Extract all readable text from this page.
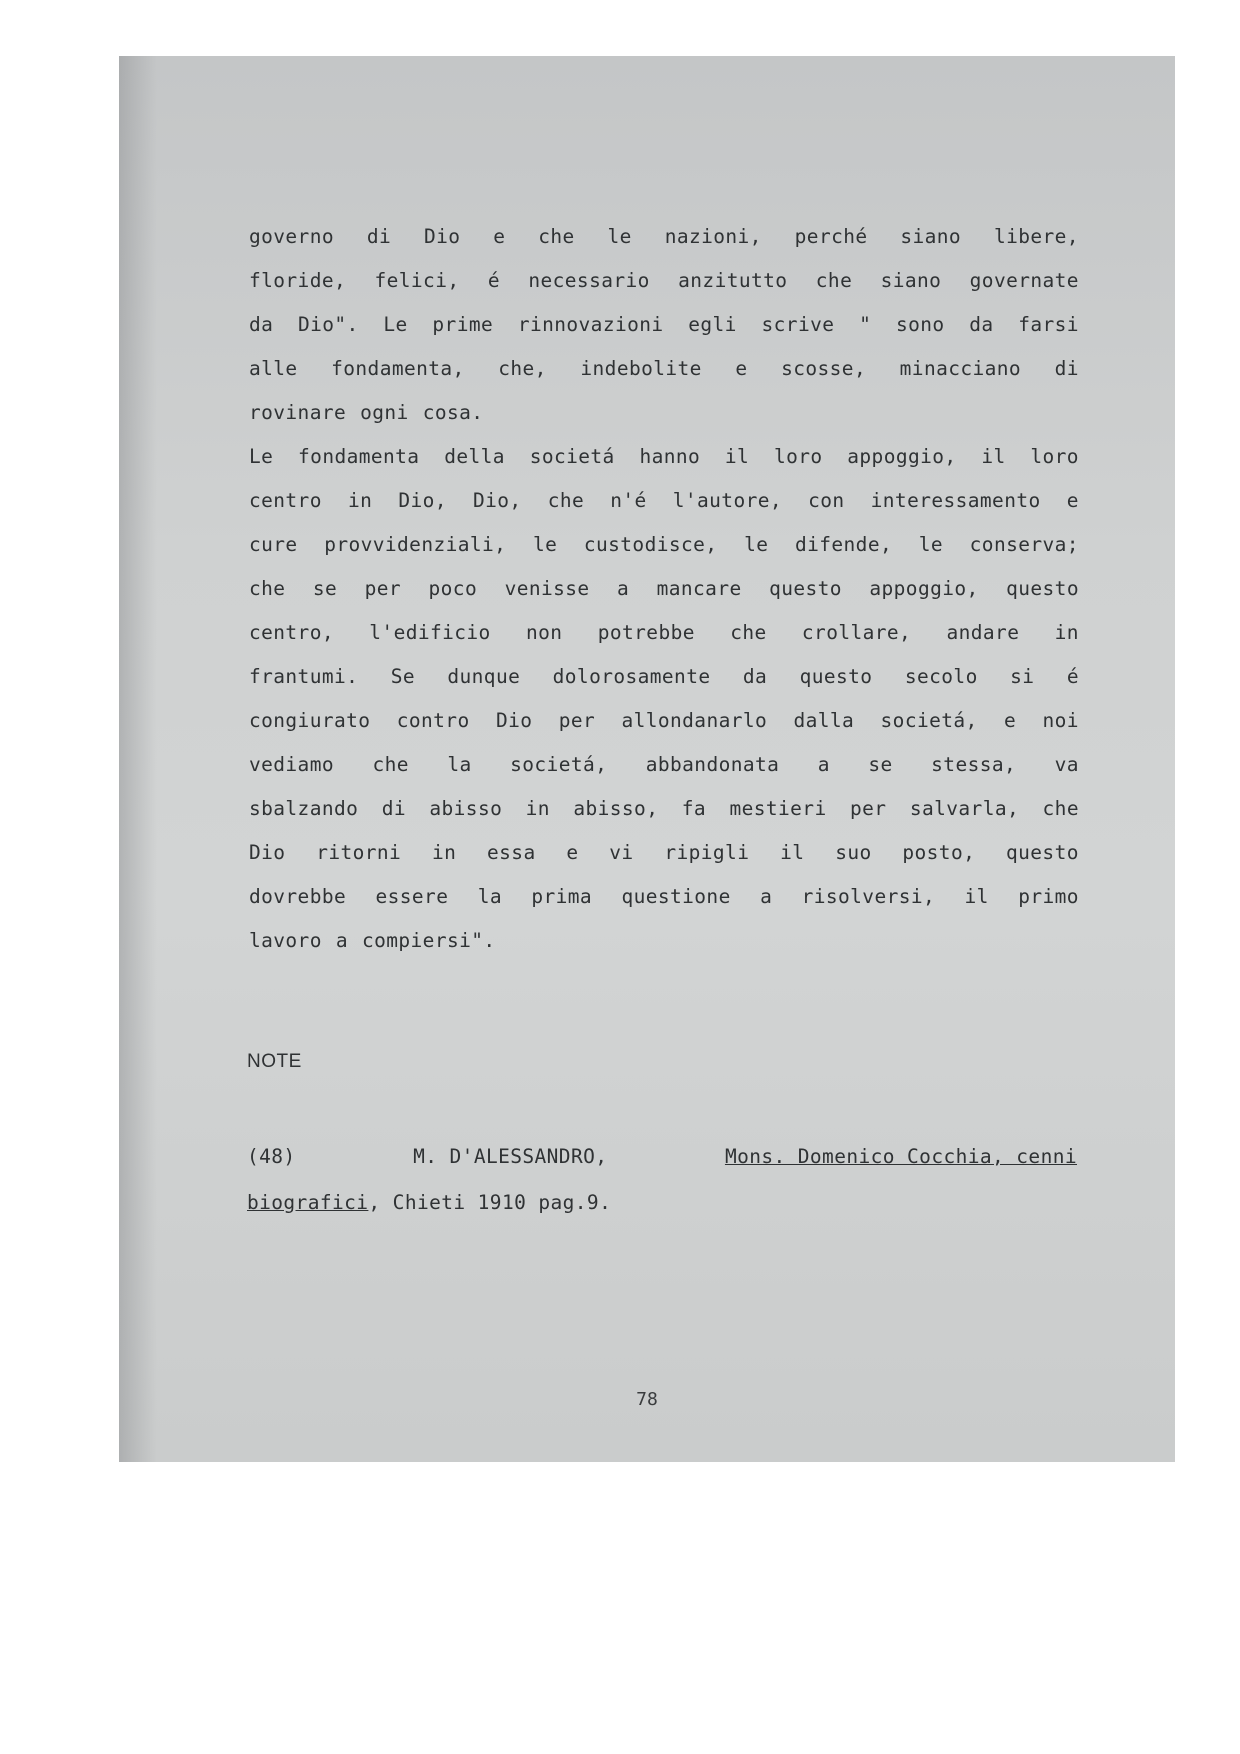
governo di Dio e che le nazioni, perché siano libere,
floride, felici, é necessario anzitutto che siano governate
da Dio". Le prime rinnovazioni egli scrive " sono da farsi
alle fondamenta, che, indebolite e scosse, minacciano di
rovinare ogni cosa.
Le fondamenta della societá hanno il loro appoggio, il loro
centro in Dio, Dio, che n'é l'autore, con interessamento e
cure provvidenziali, le custodisce, le difende, le conserva;
che se per poco venisse a mancare questo appoggio, questo
centro, l'edificio non potrebbe che crollare, andare in
frantumi. Se dunque dolorosamente da questo secolo si é
congiurato contro Dio per allondanarlo dalla societá, e noi
vediamo che la societá, abbandonata a se stessa, va
sbalzando di abisso in abisso, fa mestieri per salvarla, che
Dio ritorni in essa e vi ripigli il suo posto, questo
dovrebbe essere la prima questione a risolversi, il primo
lavoro a compiersi".
NOTE
(48)	M. D'ALESSANDRO,	Mons. Domenico Cocchia, cenni
biografici, Chieti 1910 pag.9.
78
